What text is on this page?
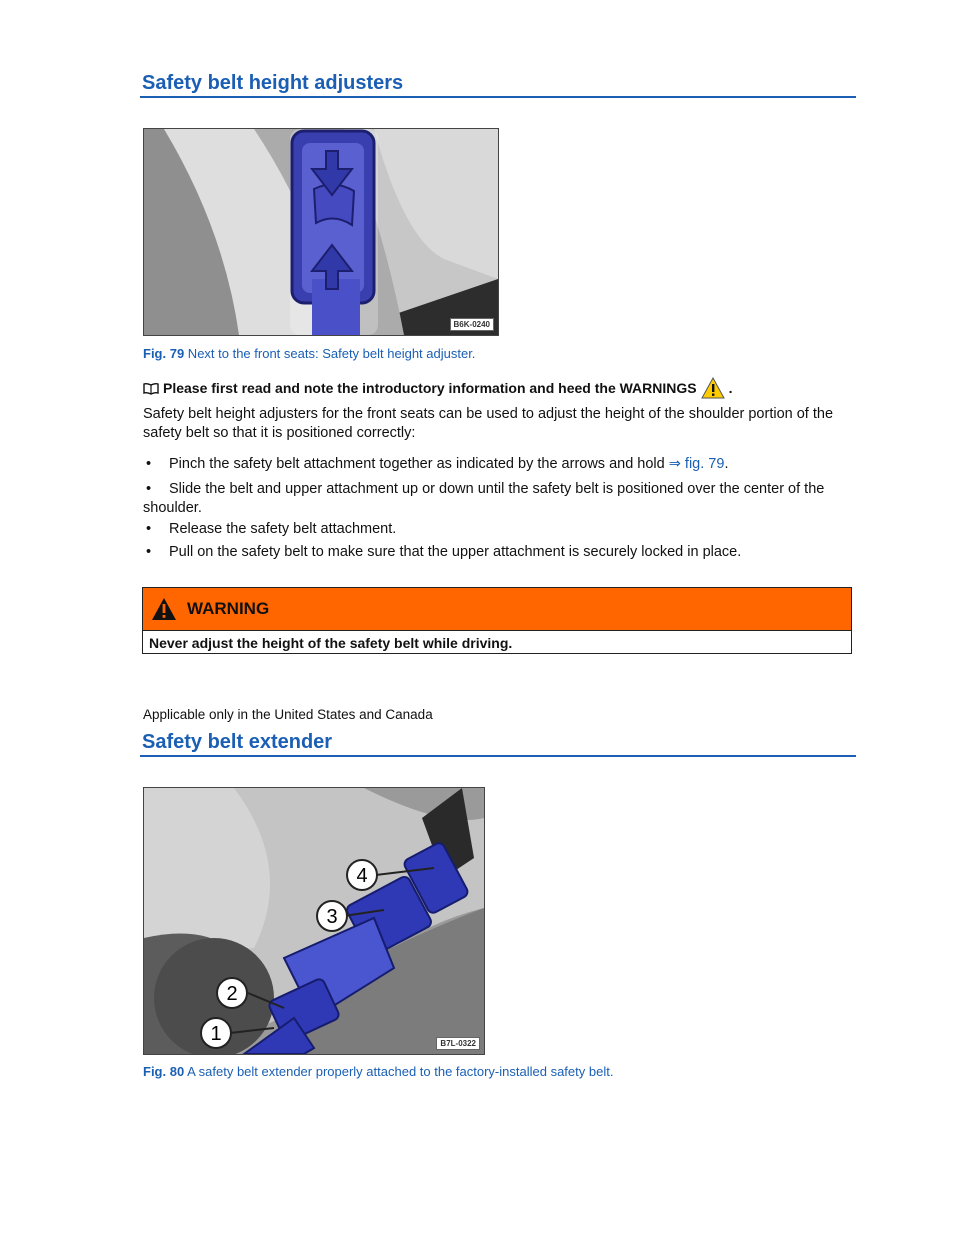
Safety belt height adjusters
B6K-0240
Fig. 79 Next to the front seats: Safety belt height adjuster.
Please first read and note the introductory information and heed the WARNINGS .
Safety belt height adjusters for the front seats can be used to adjust the height of the shoulder portion of the safety belt so that it is positioned correctly:
• Pinch the safety belt attachment together as indicated by the arrows and hold ⇒ fig. 79.
• Slide the belt and upper attachment up or down until the safety belt is positioned over the center of the shoulder.
• Release the safety belt attachment.
• Pull on the safety belt to make sure that the upper attachment is securely locked in place.
WARNING
Never adjust the height of the safety belt while driving.
Applicable only in the United States and Canada
Safety belt extender
4
3
2
1	B7L-0322
Fig. 80 A safety belt extender properly attached to the factory-installed safety belt.
